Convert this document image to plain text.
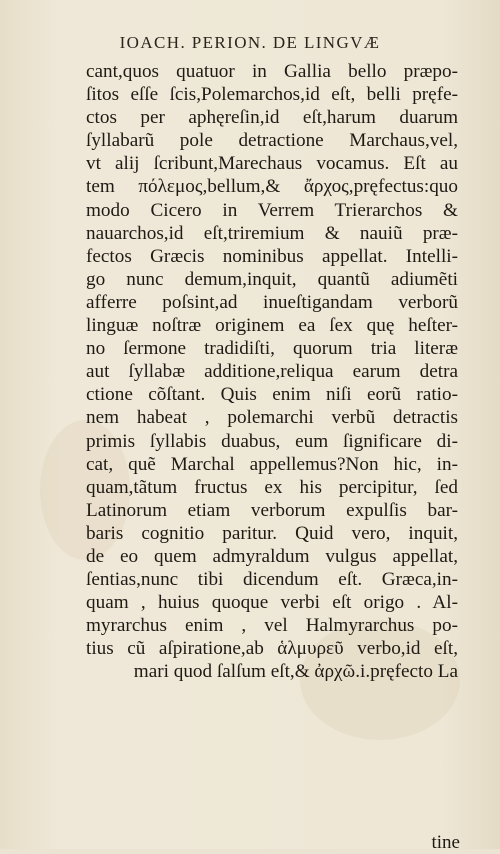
IOACH. PERION. DE LINGVÆ
cant,quos quatuor in Gallia bello præpo-
ſitos eſſe ſcis,Polemarchos,id eſt, belli pręfe-
ctos per aphęreſin,id eſt,harum duarum
ſyllabarũ pole detractione Marchaus,vel,
vt alij ſcribunt,Marechaus vocamus. Eſt au
tem πόλεμος,bellum,& ἄρχος,pręfectus:quo
modo Cicero in Verrem Trierarchos &
nauarchos,id eſt,triremium & nauiũ præ-
fectos Græcis nominibus appellat. Intelli-
go nunc demum,inquit, quantũ adiumẽti
afferre poſsint,ad inueſtigandam verborũ
linguæ noſtræ originem ea ſex quę heſter-
no ſermone tradidiſti, quorum tria literæ
aut ſyllabæ additione,reliqua earum detra
ctione cõſtant. Quis enim niſi eorũ ratio-
nem habeat , polemarchi verbũ detractis
primis ſyllabis duabus, eum ſignificare di-
cat, quẽ Marchal appellemus?Non hic, in-
quam,tãtum fructus ex his percipitur, ſed
Latinorum etiam verborum expulſis bar-
baris cognitio paritur. Quid vero, inquit,
de eo quem admyraldum vulgus appellat,
ſentias,nunc tibi dicendum eſt. Græca,in-
quam , huius quoque verbi eſt origo . Al-
myrarchus enim , vel Halmyrarchus po-
tius cũ aſpiratione,ab ἁλμυρεῦ verbo,id eſt,
mari quod ſalſum eſt,& ἀρχῶ.i.pręfecto La
tine
